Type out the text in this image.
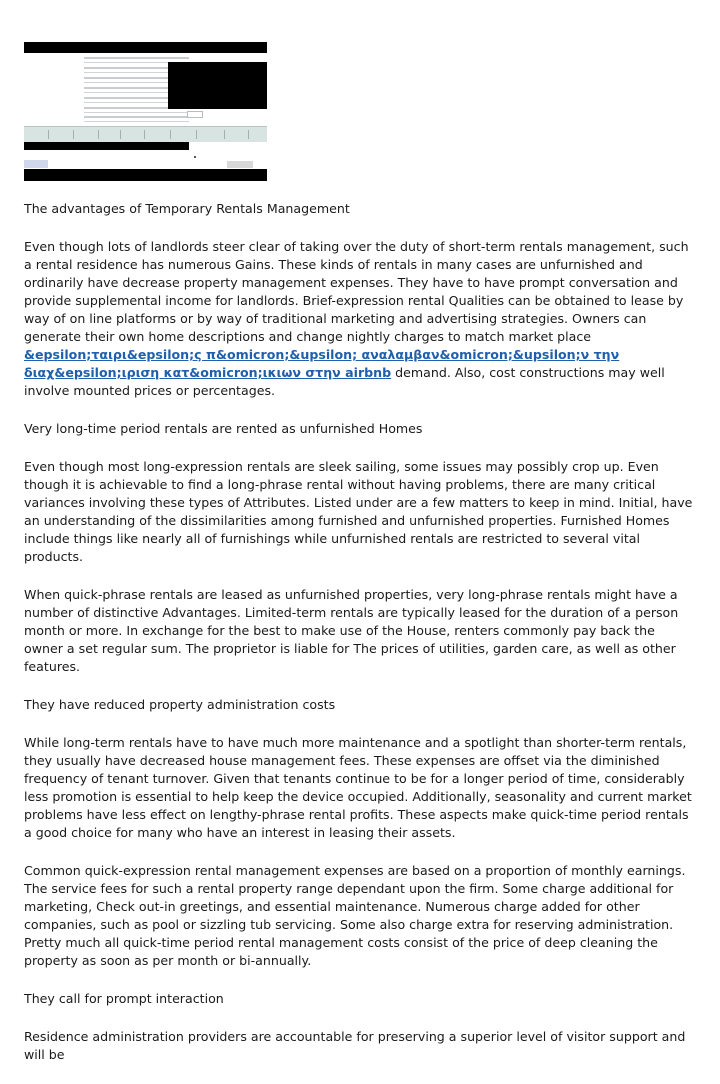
The advantages of Temporary Rentals Management

Even though lots of landlords steer clear of taking over the duty of short-term rentals management, such a rental residence has numerous Gains. These kinds of rentals in many cases are unfurnished and ordinarily have decrease property management expenses. They have to have prompt conversation and provide supplemental income for landlords. Brief-expression rental Qualities can be obtained to lease by way of on line platforms or by way of traditional marketing and advertising strategies. Owners can generate their own home descriptions and change nightly charges to match market place &epsilon;ταιρι&epsilon;ς π&omicron;&upsilon; αναλαμβαν&omicron;&upsilon;ν την διαχ&epsilon;ιριση κατ&omicron;ικιων στην airbnb demand. Also, cost constructions may well involve mounted prices or percentages.

Very long-time period rentals are rented as unfurnished Homes

Even though most long-expression rentals are sleek sailing, some issues may possibly crop up. Even though it is achievable to find a long-phrase rental without having problems, there are many critical variances involving these types of Attributes. Listed under are a few matters to keep in mind. Initial, have an understanding of the dissimilarities among furnished and unfurnished properties. Furnished Homes include things like nearly all of furnishings while unfurnished rentals are restricted to several vital products.

When quick-phrase rentals are leased as unfurnished properties, very long-phrase rentals might have a number of distinctive Advantages. Limited-term rentals are typically leased for the duration of a person month or more. In exchange for the best to make use of the House, renters commonly pay back the owner a set regular sum. The proprietor is liable for The prices of utilities, garden care, as well as other features.

They have reduced property administration costs

While long-term rentals have to have much more maintenance and a spotlight than shorter-term rentals, they usually have decreased house management fees. These expenses are offset via the diminished frequency of tenant turnover. Given that tenants continue to be for a longer period of time, considerably less promotion is essential to help keep the device occupied. Additionally, seasonality and current market problems have less effect on lengthy-phrase rental profits. These aspects make quick-time period rentals a good choice for many who have an interest in leasing their assets.

Common quick-expression rental management expenses are based on a proportion of monthly earnings. The service fees for such a rental property range dependant upon the firm. Some charge additional for marketing, Check out-in greetings, and essential maintenance. Numerous charge added for other companies, such as pool or sizzling tub servicing. Some also charge extra for reserving administration. Pretty much all quick-time period rental management costs consist of the price of deep cleaning the property as soon as per month or bi-annually.

They call for prompt interaction

Residence administration providers are accountable for preserving a superior level of visitor support and will be
